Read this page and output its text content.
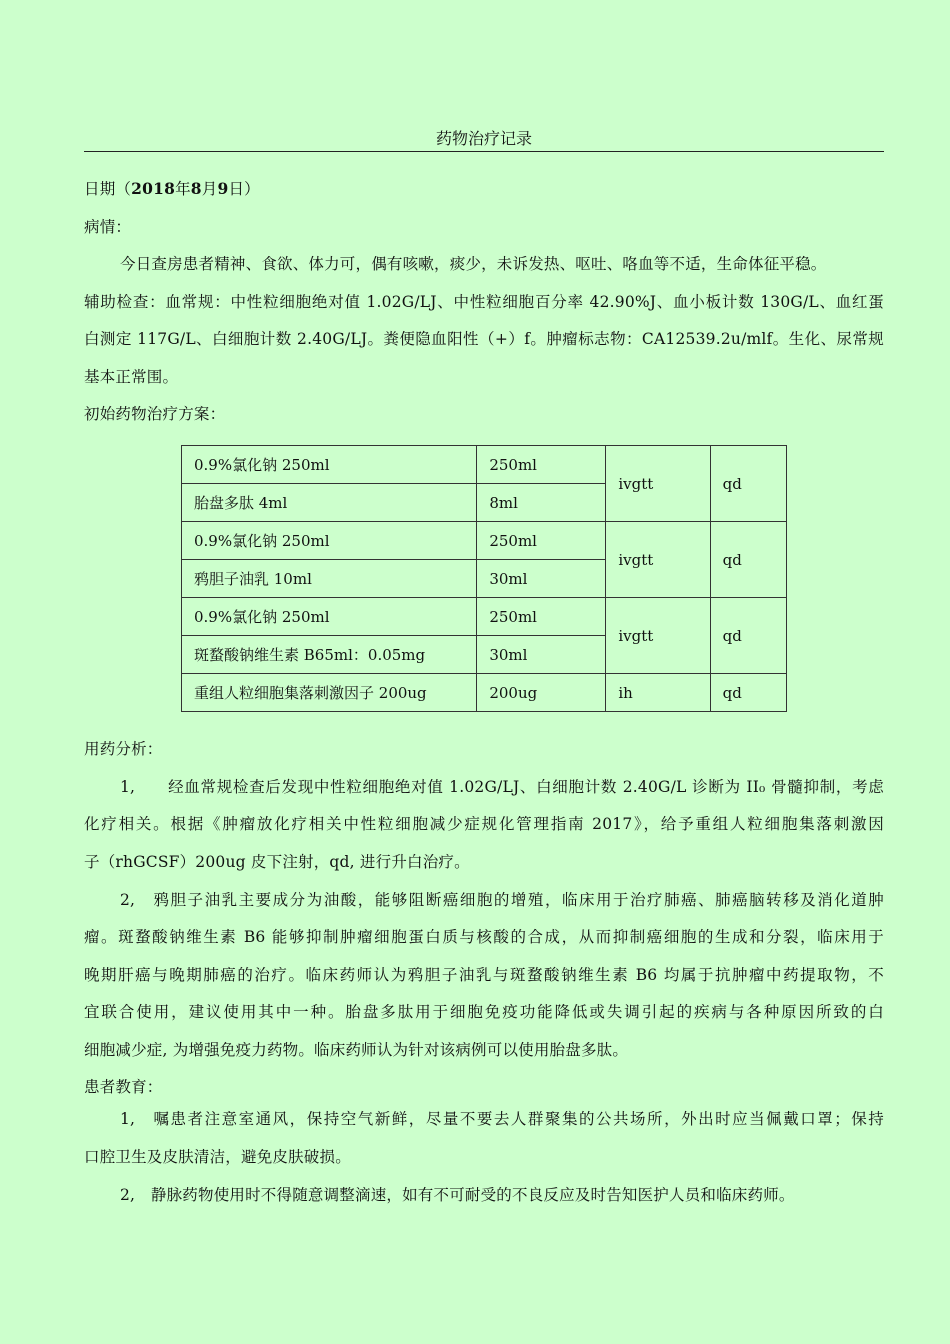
药物治疗记录
日期（2018年8月9日）
病情：
今日查房患者精神、食欲、体力可，偶有咳嗽，痰少，未诉发热、呕吐、咯血等不适，生命体征平稳。
辅助检查：血常规：中性粒细胞绝对值 1.02G/LJ、中性粒细胞百分率 42.90%J、血小板计数 130G/L、血红蛋
白测定 117G/L、白细胞计数 2.40G/LJ。粪便隐血阳性（+）f。肿瘤标志物：CA12539.2u/mlf。生化、尿常规
基本正常围。
初始药物治疗方案：
0.9%氯化钠 250ml	250ml	ivgtt	qd
胎盘多肽 4ml	8ml		
0.9%氯化钠 250ml	250ml	ivgtt	qd
鸦胆子油乳 10ml	30ml		
0.9%氯化钠 250ml	250ml	ivgtt	qd
斑蝥酸钠维生素 B65ml：0.05mg	30ml		
重组人粒细胞集落刺激因子 200ug	200ug	ih	qd
用药分析：
1,　　经血常规检查后发现中性粒细胞绝对值 1.02G/LJ、白细胞计数 2.40G/L 诊断为 II₀ 骨髓抑制，考虑
化疗相关。根据《肿瘤放化疗相关中性粒细胞减少症规化管理指南 2017》，给予重组人粒细胞集落刺激因
子（rhGCSF）200ug 皮下注射，qd, 进行升白治疗。
2,　鸦胆子油乳主要成分为油酸，能够阻断癌细胞的增殖，临床用于治疗肺癌、肺癌脑转移及消化道肿
瘤。斑蝥酸钠维生素 B6 能够抑制肿瘤细胞蛋白质与核酸的合成，从而抑制癌细胞的生成和分裂，临床用于
晚期肝癌与晚期肺癌的治疗。临床药师认为鸦胆子油乳与斑蝥酸钠维生素 B6 均属于抗肿瘤中药提取物，不
宜联合使用，建议使用其中一种。胎盘多肽用于细胞免疫功能降低或失调引起的疾病与各种原因所致的白
细胞减少症, 为增强免疫力药物。临床药师认为针对该病例可以使用胎盘多肽。
患者教育：
1,　嘱患者注意室通风，保持空气新鲜，尽量不要去人群聚集的公共场所，外出时应当佩戴口罩；保持
口腔卫生及皮肤清洁，避免皮肤破损。
2,　静脉药物使用时不得随意调整滴速，如有不可耐受的不良反应及时告知医护人员和临床药师。
